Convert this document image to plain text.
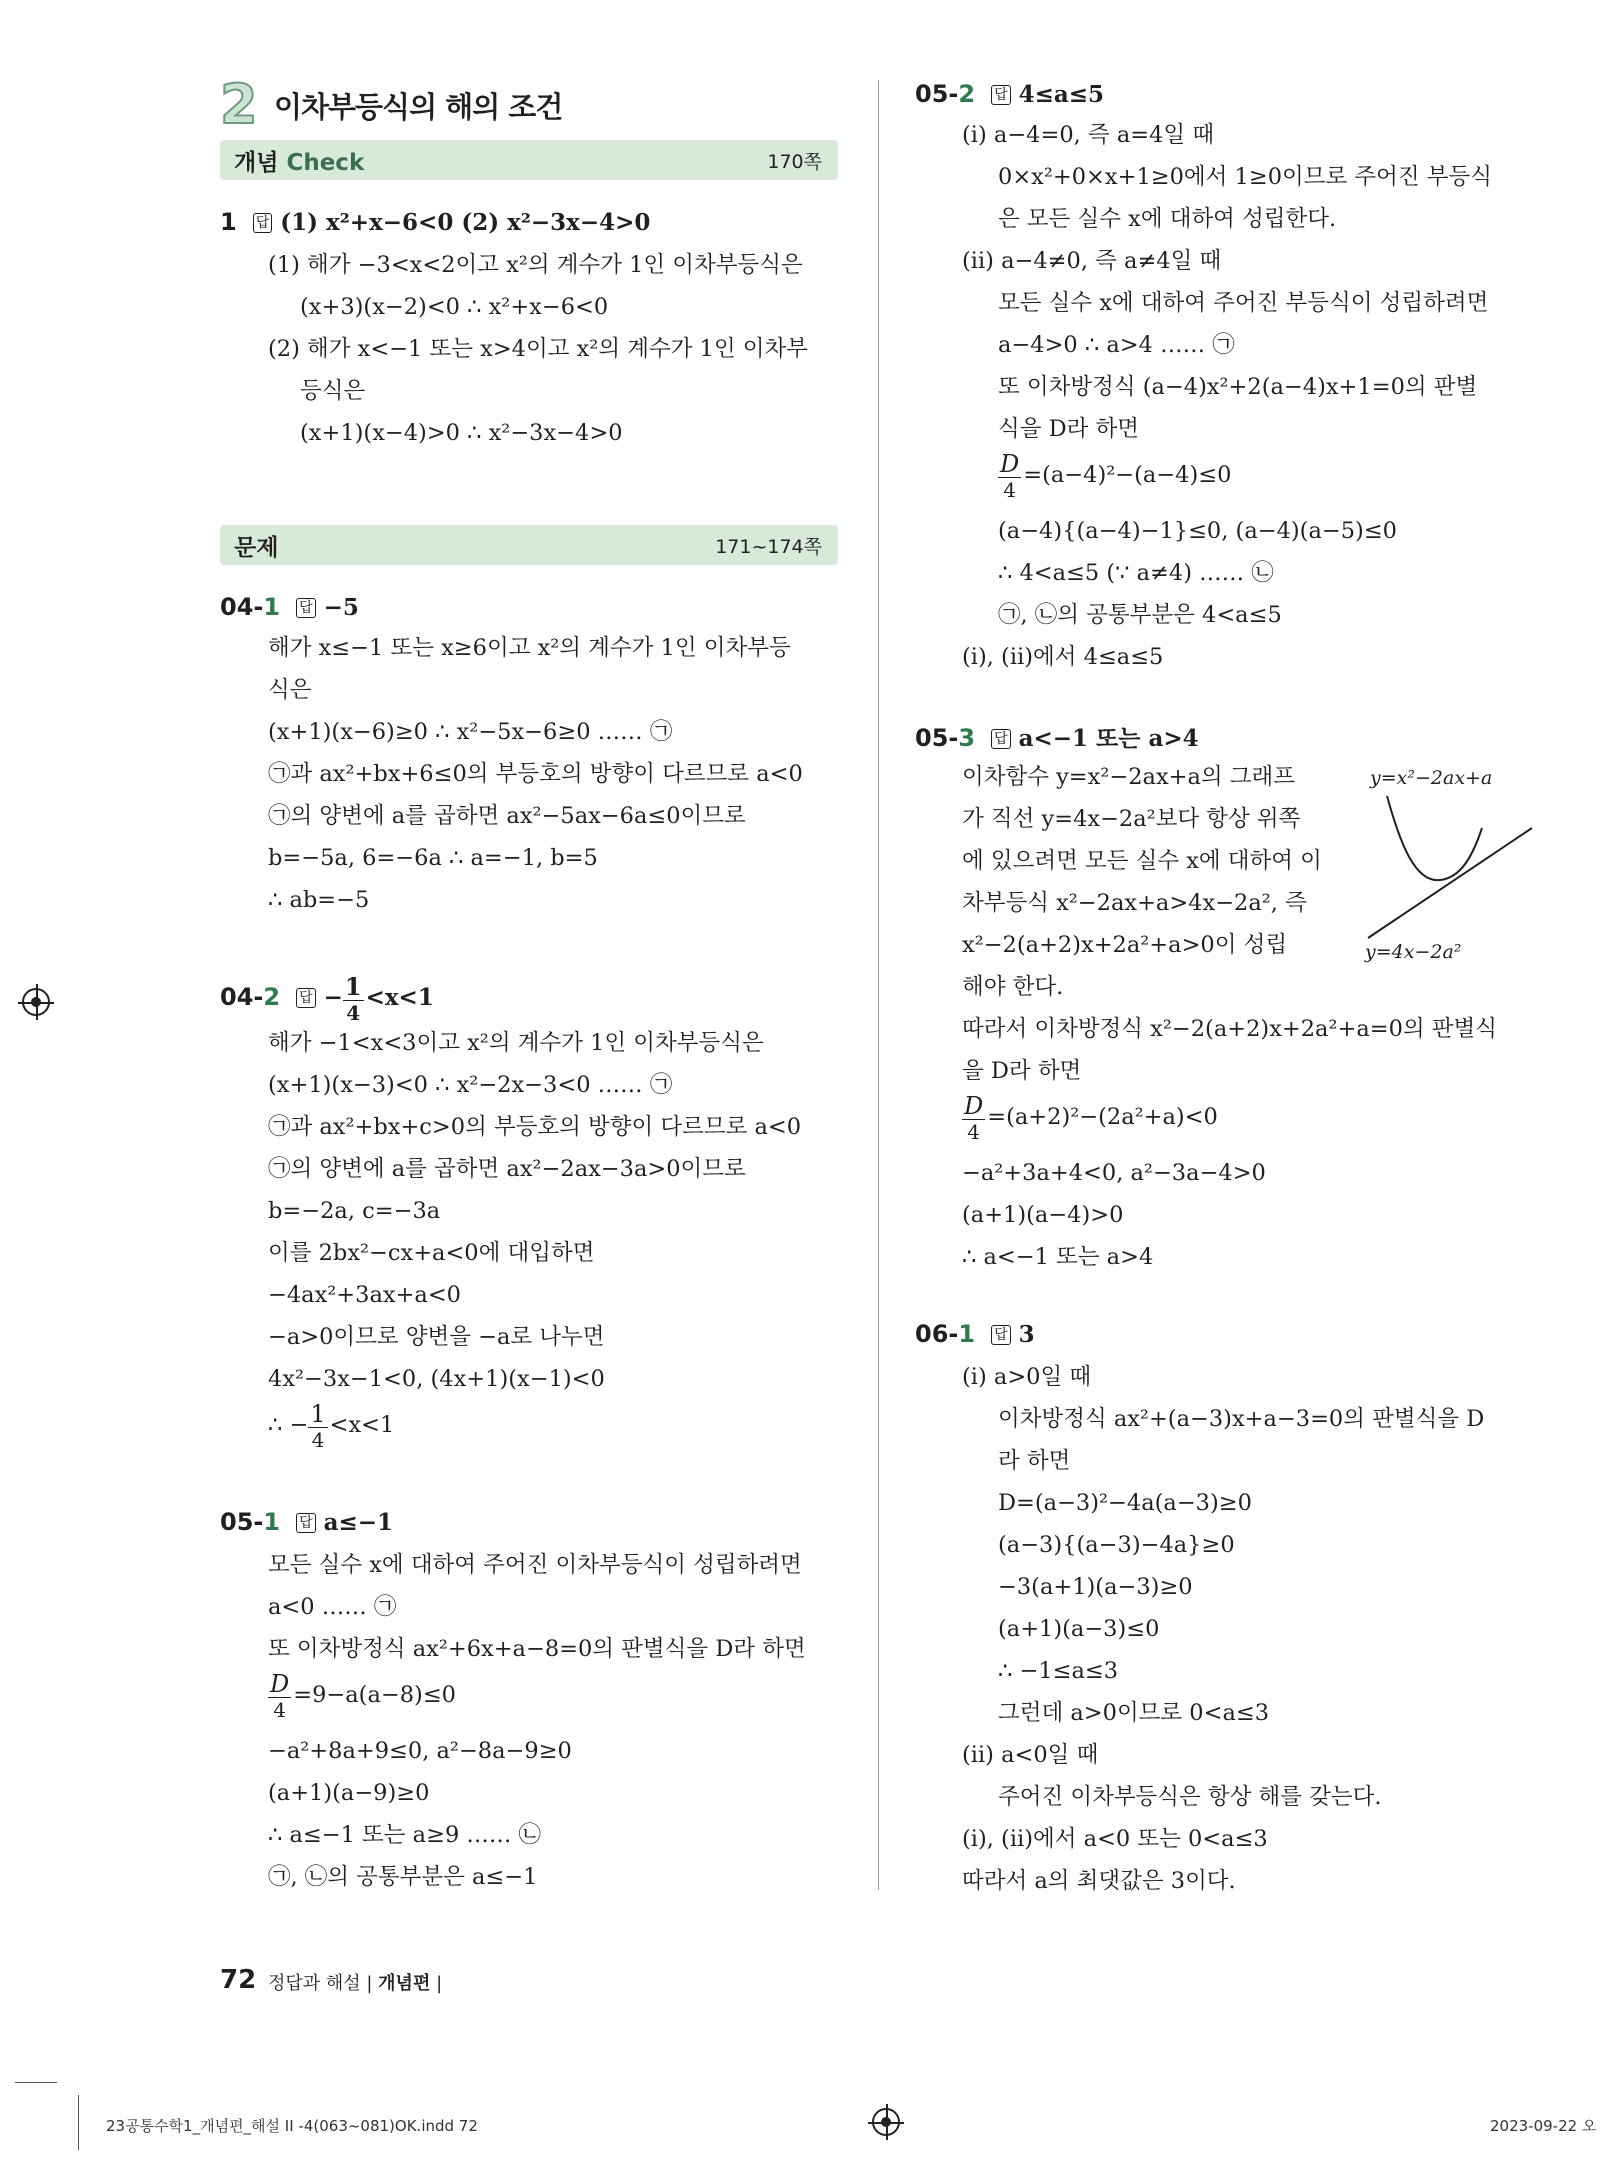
2 이차부등식의 해의 조건
개념 Check	170쪽
1 답 (1) x²+x−6<0 (2) x²−3x−4>0
(1) 해가 −3<x<2이고 x²의 계수가 1인 이차부등식은
(x+3)(x−2)<0 ∴ x²+x−6<0
(2) 해가 x<−1 또는 x>4이고 x²의 계수가 1인 이차부
등식은
(x+1)(x−4)>0 ∴ x²−3x−4>0
문제	171~174쪽
04-1 답 −5
해가 x≤−1 또는 x≥6이고 x²의 계수가 1인 이차부등
식은
(x+1)(x−6)≥0 ∴ x²−5x−6≥0 …… ㉠
㉠과 ax²+bx+6≤0의 부등호의 방향이 다르므로 a<0
㉠의 양변에 a를 곱하면 ax²−5ax−6a≤0이므로
b=−5a, 6=−6a ∴ a=−1, b=5
∴ ab=−5
04-2 답 − $\frac{1}{4} <x<1$
해가 −1<x<3이고 x²의 계수가 1인 이차부등식은
(x+1)(x−3)<0 ∴ x²−2x−3<0 …… ㉠
㉠과 ax²+bx+c>0의 부등호의 방향이 다르므로 a<0
㉠의 양변에 a를 곱하면 ax²−2ax−3a>0이므로
b=−2a, c=−3a
이를 2bx²−cx+a<0에 대입하면
−4ax²+3ax+a<0
−a>0이므로 양변을 −a로 나누면
4x²−3x−1<0, (4x+1)(x−1)<0
∴ − $\frac{1}{4} <x<1$
05-1 답 a≤−1
모든 실수 x에 대하여 주어진 이차부등식이 성립하려면
a<0 …… ㉠
또 이차방정식 ax²+6x+a−8=0의 판별식을 D라 하면
$\frac{D}{4} =9-a(a-8)\le 0$
−a²+8a+9≤0, a²−8a−9≥0
(a+1)(a−9)≥0
∴ a≤−1 또는 a≥9 …… ㉡
㉠, ㉡의 공통부분은 a≤−1
05-2 답 4≤a≤5
(ⅰ) a−4=0, 즉 a=4일 때
0×x²+0×x+1≥0에서 1≥0이므로 주어진 부등식
은 모든 실수 x에 대하여 성립한다.
(ⅱ) a−4≠0, 즉 a≠4일 때
모든 실수 x에 대하여 주어진 부등식이 성립하려면
a−4>0 ∴ a>4 …… ㉠
또 이차방정식 (a−4)x²+2(a−4)x+1=0의 판별
식을 D라 하면
$\frac{D}{4} =(a-4)^2-(a-4)\le 0$
(a−4){(a−4)−1}≤0, (a−4)(a−5)≤0
∴ 4<a≤5 (∵ a≠4) …… ㉡
㉠, ㉡의 공통부분은 4<a≤5
(ⅰ), (ⅱ)에서 4≤a≤5
05-3 답 a<−1 또는 a>4
이차함수 y=x²−2ax+a의 그래프
가 직선 y=4x−2a²보다 항상 위쪽
에 있으려면 모든 실수 x에 대하여 이
차부등식 x²−2ax+a>4x−2a², 즉
x²−2(a+2)x+2a²+a>0이 성립
해야 한다.
따라서 이차방정식 x²−2(a+2)x+2a²+a=0의 판별식
을 D라 하면
$\frac{D}{4} =(a+2)^2-(2a^2+a)<0$
−a²+3a+4<0, a²−3a−4>0
(a+1)(a−4)>0
∴ a<−1 또는 a>4
y=x²−2ax+a
y=4x−2a²
06-1 답 3
(ⅰ) a>0일 때
이차방정식 ax²+(a−3)x+a−3=0의 판별식을 D
라 하면
D=(a−3)²−4a(a−3)≥0
(a−3){(a−3)−4a}≥0
−3(a+1)(a−3)≥0
(a+1)(a−3)≤0
∴ −1≤a≤3
그런데 a>0이므로 0<a≤3
(ⅱ) a<0일 때
주어진 이차부등식은 항상 해를 갖는다.
(ⅰ), (ⅱ)에서 a<0 또는 0<a≤3
따라서 a의 최댓값은 3이다.
72 정답과 해설 | 개념편 |
23공통수학1_개념편_해설 II -4(063~081)OK.indd 72	2023-09-22 오
